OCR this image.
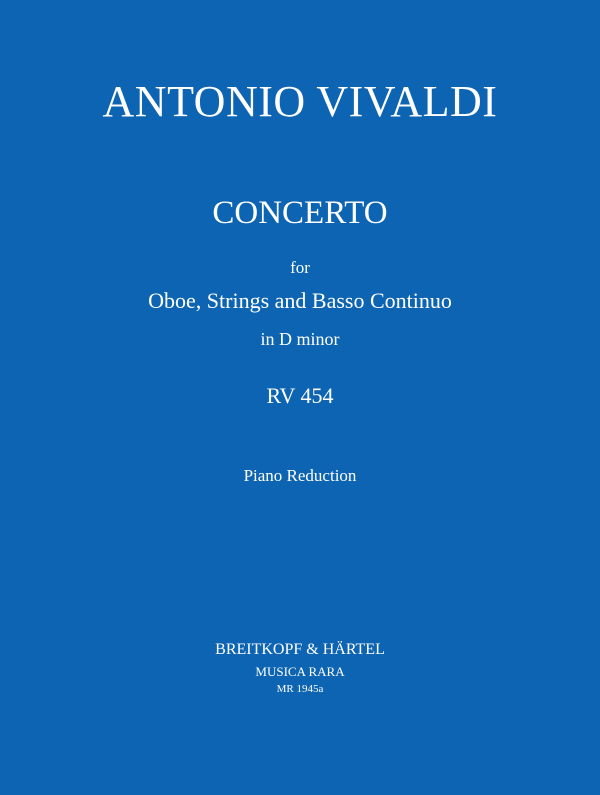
ANTONIO VIVALDI
CONCERTO
for
Oboe, Strings and Basso Continuo
in D minor
RV 454
Piano Reduction
BREITKOPF & HÄRTEL
MUSICA RARA
MR 1945a
